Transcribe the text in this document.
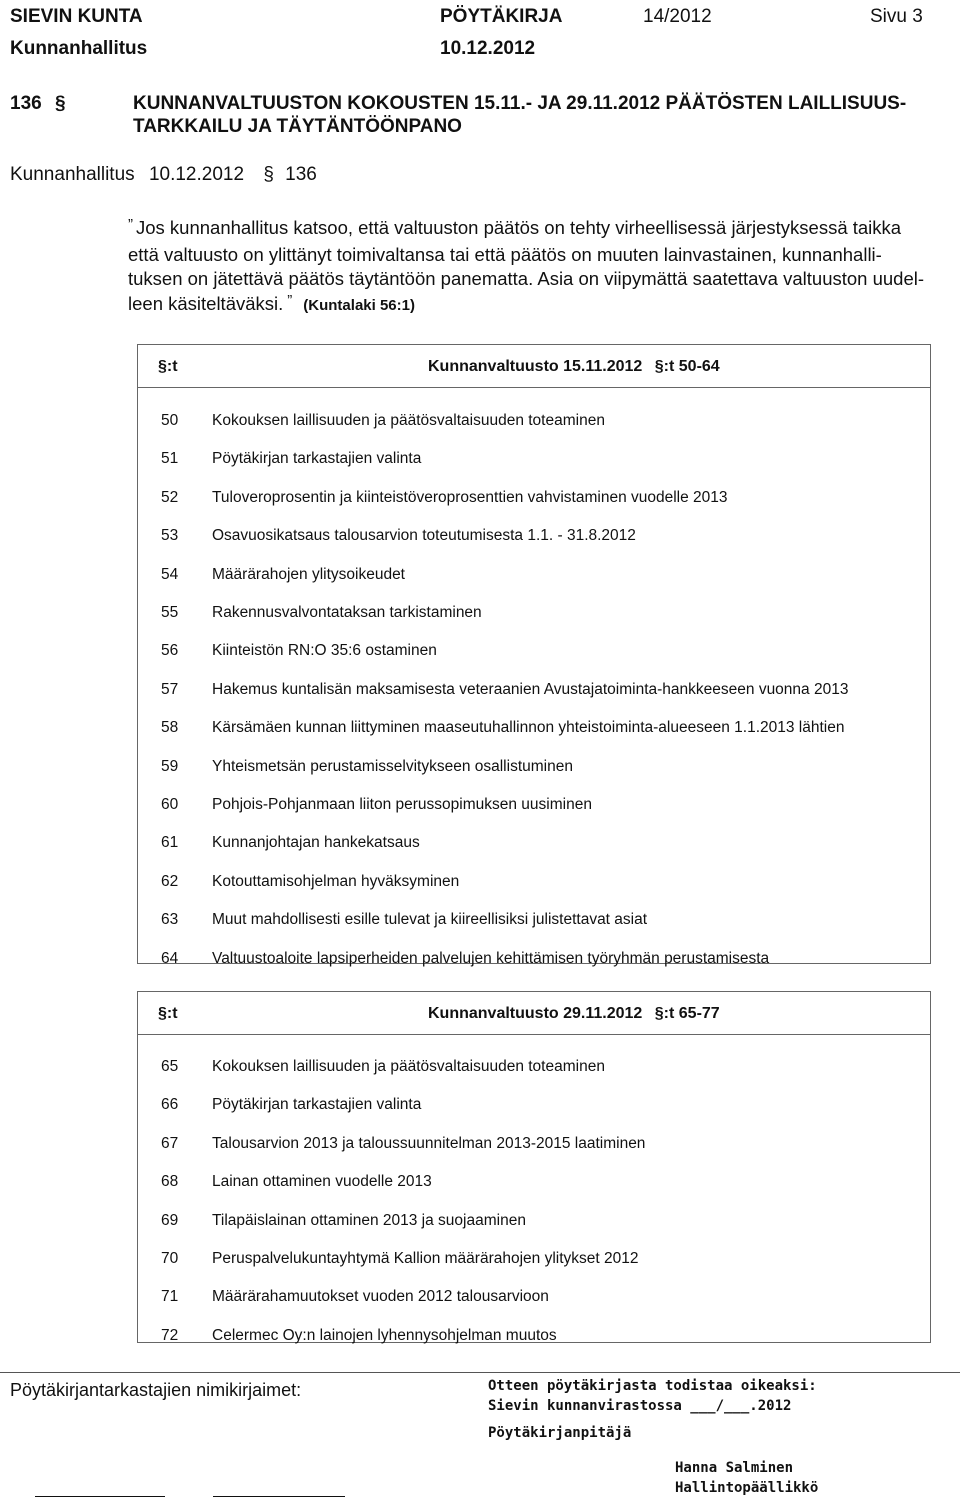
SIEVIN KUNTA	PÖYTÄKIRJA	14/2012	Sivu 3
Kunnanhallitus	10.12.2012
136 §	KUNNANVALTUUSTON KOKOUSTEN 15.11.- JA 29.11.2012 PÄÄTÖSTEN LAILLISUUS-
TARKKAILU JA TÄYTÄNTÖÖNPANO
Kunnanhallitus 10.12.2012 § 136
” Jos kunnanhallitus katsoo, että valtuuston päätös on tehty virheellisessä järjestyksessä taikka
että valtuusto on ylittänyt toimivaltansa tai että päätös on muuten lainvastainen, kunnanhalli-
tuksen on jätettävä päätös täytäntöön panematta. Asia on viipymättä saatettava valtuuston uudel-
leen käsiteltäväksi. ” (Kuntalaki 56:1)
§:t	Kunnanvaltuusto 15.11.2012 §:t 50-64
50 Kokouksen laillisuuden ja päätösvaltaisuuden toteaminen
51 Pöytäkirjan tarkastajien valinta
52 Tuloveroprosentin ja kiinteistöveroprosenttien vahvistaminen vuodelle 2013
53 Osavuosikatsaus talousarvion toteutumisesta 1.1. - 31.8.2012
54 Määrärahojen ylitysoikeudet
55 Rakennusvalvontataksan tarkistaminen
56 Kiinteistön RN:O 35:6 ostaminen
57 Hakemus kuntalisän maksamisesta veteraanien Avustajatoiminta-hankkeeseen vuonna 2013
58 Kärsämäen kunnan liittyminen maaseutuhallinnon yhteistoiminta-alueeseen 1.1.2013 lähtien
59 Yhteismetsän perustamisselvitykseen osallistuminen
60 Pohjois-Pohjanmaan liiton perussopimuksen uusiminen
61 Kunnanjohtajan hankekatsaus
62 Kotouttamisohjelman hyväksyminen
63 Muut mahdollisesti esille tulevat ja kiireellisiksi julistettavat asiat
64 Valtuustoaloite lapsiperheiden palvelujen kehittämisen työryhmän perustamisesta
§:t	Kunnanvaltuusto 29.11.2012 §:t 65-77
65 Kokouksen laillisuuden ja päätösvaltaisuuden toteaminen
66 Pöytäkirjan tarkastajien valinta
67 Talousarvion 2013 ja taloussuunnitelman 2013-2015 laatiminen
68 Lainan ottaminen vuodelle 2013
69 Tilapäislainan ottaminen 2013 ja suojaaminen
70 Peruspalvelukuntayhtymä Kallion määrärahojen ylitykset 2012
71 Määrärahamuutokset vuoden 2012 talousarvioon
72 Celermec Oy:n lainojen lyhennysohjelman muutos
Pöytäkirjantarkastajien nimikirjaimet:	Otteen pöytäkirjasta todistaa oikeaksi:
Sievin kunnanvirastossa ___/___.2012
Pöytäkirjanpitäjä
Hanna Salminen
Hallintopäällikkö
